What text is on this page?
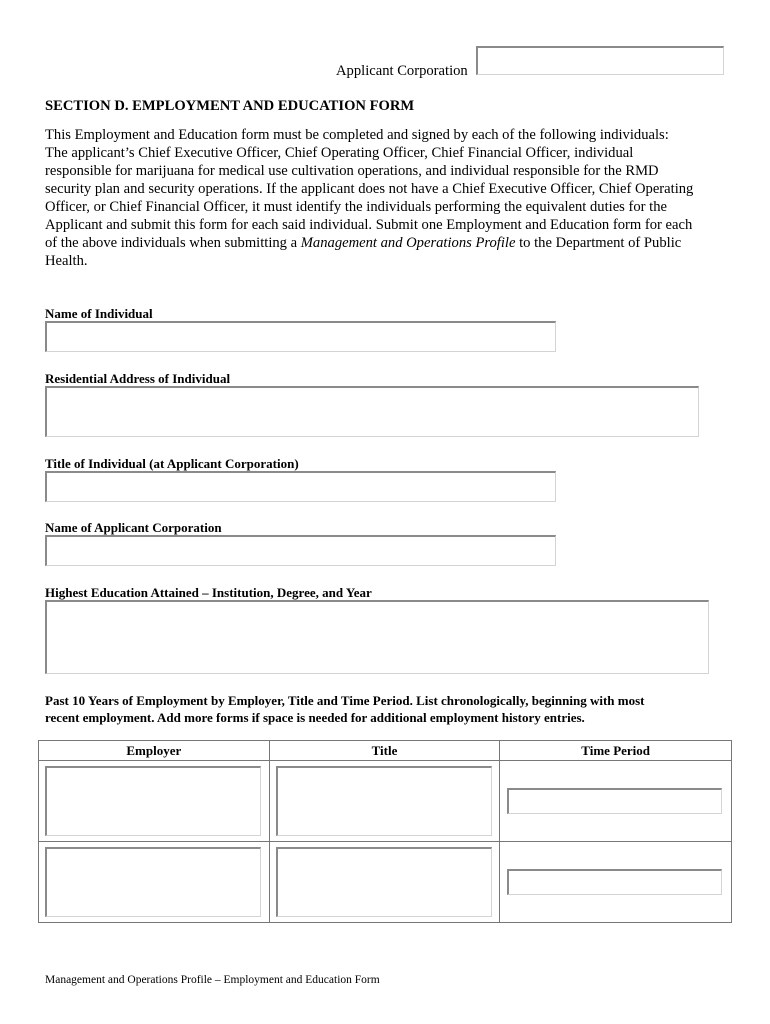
Applicant Corporation
SECTION D. EMPLOYMENT AND EDUCATION FORM
This Employment and Education form must be completed and signed by each of the following individuals:
The applicant’s Chief Executive Officer, Chief Operating Officer, Chief Financial Officer, individual
responsible for marijuana for medical use cultivation operations, and individual responsible for the RMD
security plan and security operations. If the applicant does not have a Chief Executive Officer, Chief Operating
Officer, or Chief Financial Officer, it must identify the individuals performing the equivalent duties for the
Applicant and submit this form for each said individual. Submit one Employment and Education form for each
of the above individuals when submitting a Management and Operations Profile to the Department of Public
Health.
Name of Individual
Residential Address of Individual
Title of Individual (at Applicant Corporation)
Name of Applicant Corporation
Highest Education Attained – Institution, Degree, and Year
Past 10 Years of Employment by Employer, Title and Time Period. List chronologically, beginning with most
recent employment. Add more forms if space is needed for additional employment history entries.
Employer	Title	Time Period

Management and Operations Profile – Employment and Education Form
